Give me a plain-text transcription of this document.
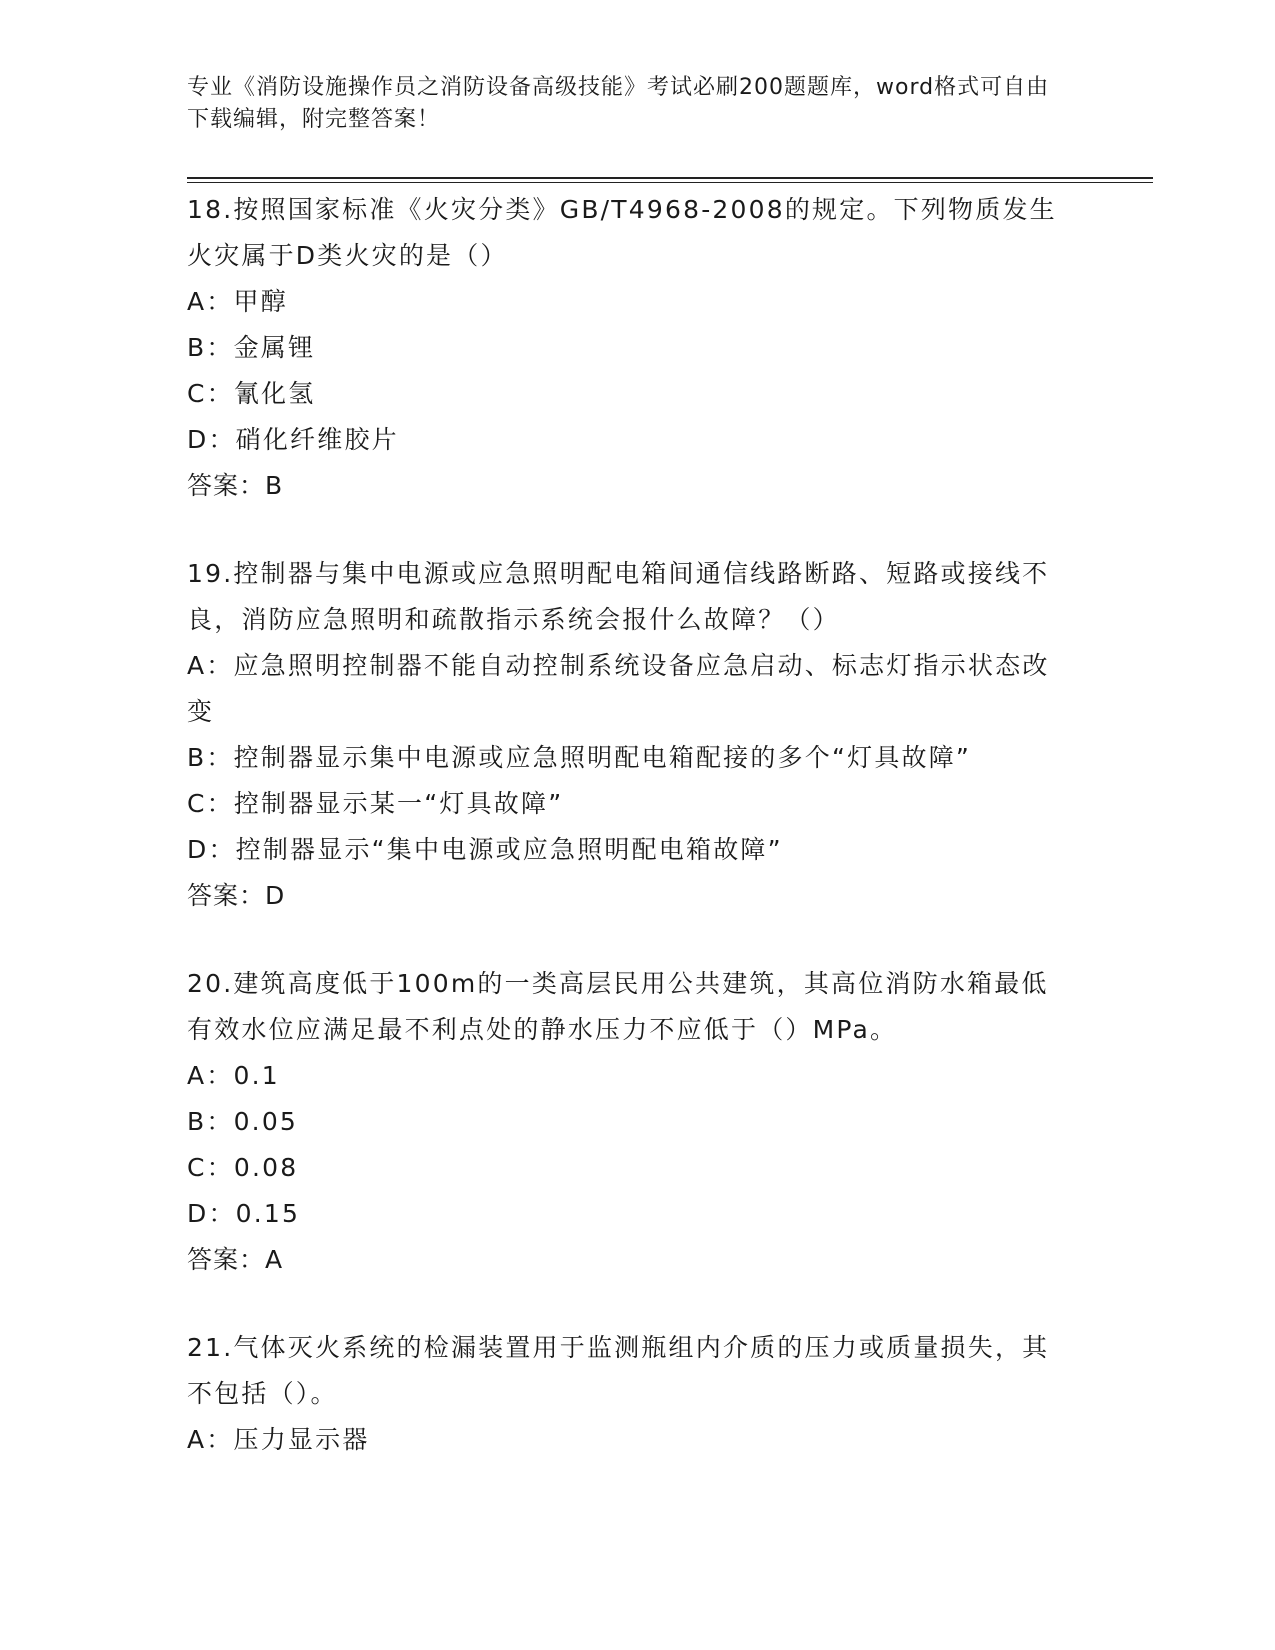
专业《消防设施操作员之消防设备高级技能》考试必刷200题题库，word格式可自由下载编辑，附完整答案！

18.按照国家标准《火灾分类》GB/T4968-2008的规定。下列物质发生火灾属于D类火灾的是（）

A：甲醇

B：金属锂

C：氰化氢

D：硝化纤维胶片

答案：B

19.控制器与集中电源或应急照明配电箱间通信线路断路、短路或接线不良，消防应急照明和疏散指示系统会报什么故障？（）

A：应急照明控制器不能自动控制系统设备应急启动、标志灯指示状态改变

B：控制器显示集中电源或应急照明配电箱配接的多个“灯具故障”

C：控制器显示某一“灯具故障”

D：控制器显示“集中电源或应急照明配电箱故障”

答案：D

20.建筑高度低于100m的一类高层民用公共建筑，其高位消防水箱最低有效水位应满足最不利点处的静水压力不应低于（）MPa。

A：0.1

B：0.05

C：0.08

D：0.15

答案：A

21.气体灭火系统的检漏装置用于监测瓶组内介质的压力或质量损失，其不包括（）。

A：压力显示器
